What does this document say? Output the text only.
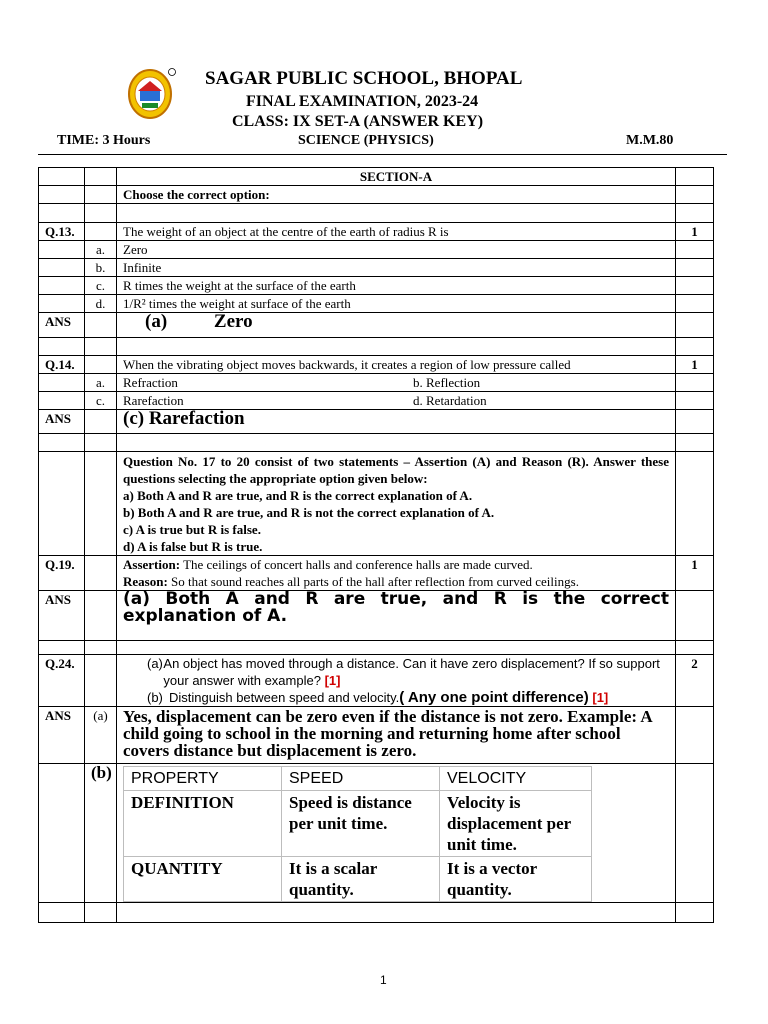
SAGAR PUBLIC SCHOOL, BHOPAL
FINAL EXAMINATION, 2023-24
CLASS: IX SET-A (ANSWER KEY)
TIME: 3 Hours	SCIENCE (PHYSICS)	M.M.80
		SECTION-A	
		Choose the correct option:	

Q.13.		The weight of an object at the centre of the earth of radius R is	1
	a.	Zero	
	b.	Infinite	
	c.	R times the weight at the surface of the earth	
	d.	1/R² times the weight at surface of the earth	
ANS		(a) Zero	

Q.14.		When the vibrating object moves backwards, it creates a region of low pressure called	1
	a.	Refraction	b. Reflection

	c.	Rarefaction	d. Retardation

ANS		(c) Rarefaction	

Question No. 17 to 20 consist of two statements – Assertion (A) and Reason (R). Answer these questions selecting the appropriate option given below:
a) Both A and R are true, and R is the correct explanation of A.
b) Both A and R are true, and R is not the correct explanation of A.
c) A is true but R is false.
d) A is false but R is true.

Q.19.		Assertion: The ceilings of concert halls and conference halls are made curved.
Reason: So that sound reaches all parts of the hall after reflection from curved ceilings.
	1
ANS		(a) Both A and R are true, and R is the correct explanation of A.	

Q.24.		(a) An object has moved through a distance. Can it have zero displacement? If so support your answer with example? [1]
(b) Distinguish between speed and velocity.( Any one point difference) [1]
	2
ANS	(a)	Yes, displacement can be zero even if the distance is not zero. Example: A child going to school in the morning and returning home after school covers distance but displacement is zero.	
	(b)	PROPERTY	SPEED	VELOCITY
DEFINITION	Speed is distance per unit time.	Velocity is displacement per unit time.
QUANTITY	It is a scalar quantity.	It is a vector quantity.

1
